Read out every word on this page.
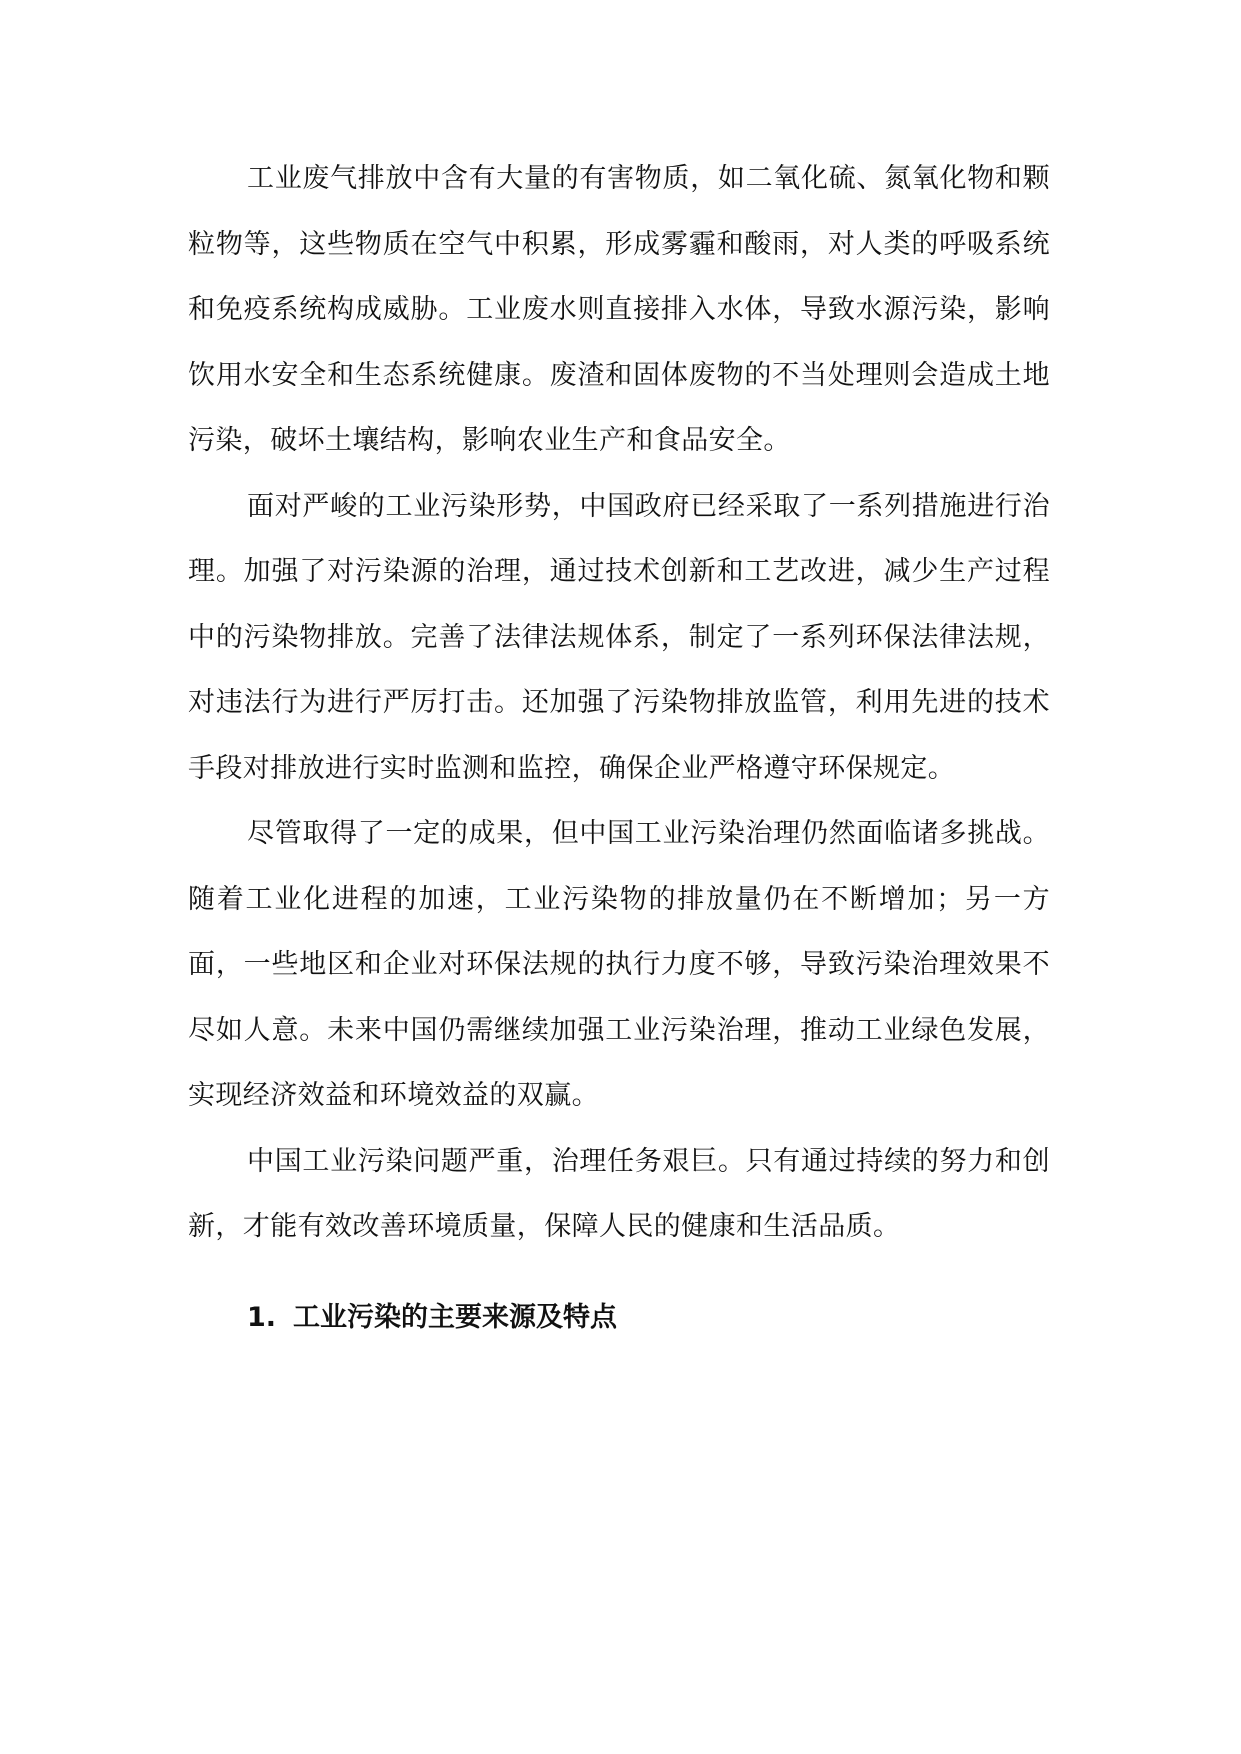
工业废气排放中含有大量的有害物质，如二氧化硫、氮氧化物和颗粒物等，这些物质在空气中积累，形成雾霾和酸雨，对人类的呼吸系统和免疫系统构成威胁。工业废水则直接排入水体，导致水源污染，影响饮用水安全和生态系统健康。废渣和固体废物的不当处理则会造成土地污染，破坏土壤结构，影响农业生产和食品安全。

面对严峻的工业污染形势，中国政府已经采取了一系列措施进行治理。加强了对污染源的治理，通过技术创新和工艺改进，减少生产过程中的污染物排放。完善了法律法规体系，制定了一系列环保法律法规，对违法行为进行严厉打击。还加强了污染物排放监管，利用先进的技术手段对排放进行实时监测和监控，确保企业严格遵守环保规定。

尽管取得了一定的成果，但中国工业污染治理仍然面临诸多挑战。随着工业化进程的加速，工业污染物的排放量仍在不断增加；另一方面，一些地区和企业对环保法规的执行力度不够，导致污染治理效果不尽如人意。未来中国仍需继续加强工业污染治理，推动工业绿色发展，实现经济效益和环境效益的双赢。

中国工业污染问题严重，治理任务艰巨。只有通过持续的努力和创新，才能有效改善环境质量，保障人民的健康和生活品质。

1. 工业污染的主要来源及特点
